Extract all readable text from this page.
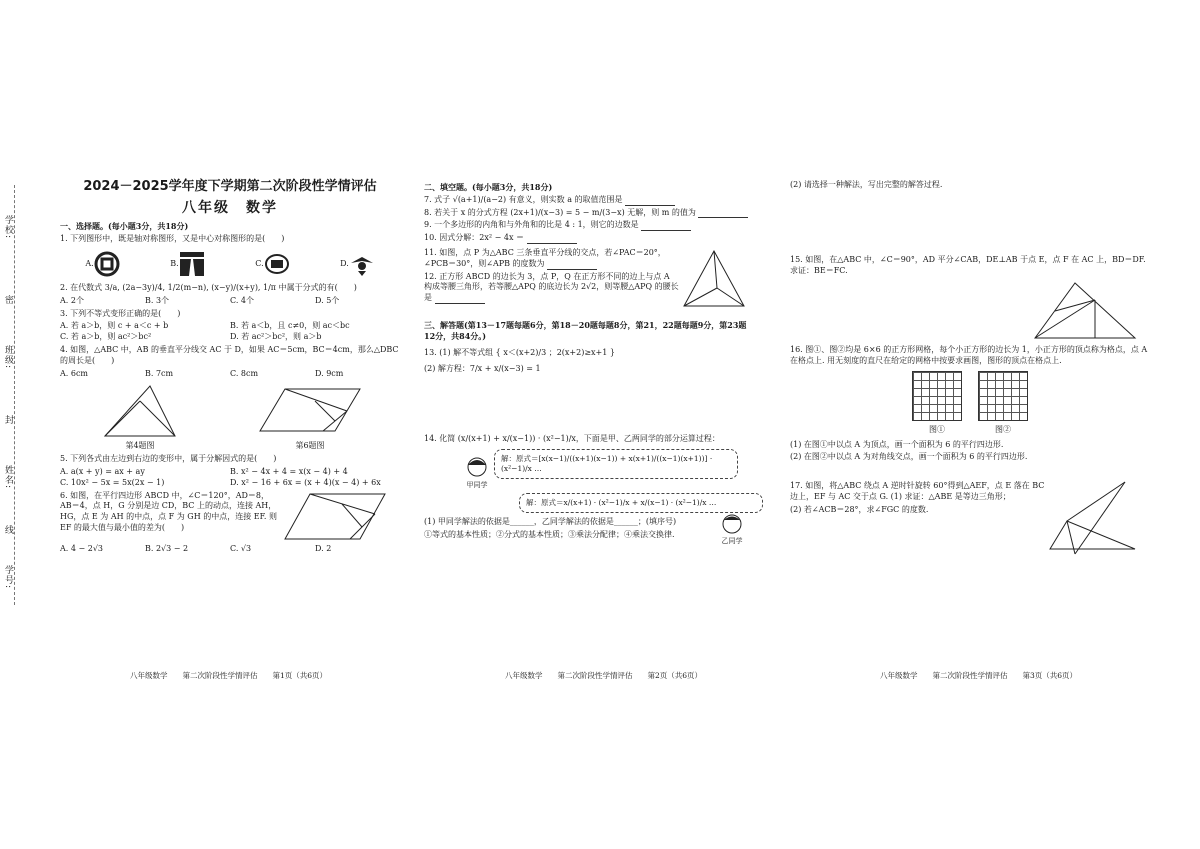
学校:
密
班级:
封
姓名:
线
学号:
2024－2025学年度下学期第二次阶段性学情评估
八年级　数学
一、选择题。(每小题3分，共18分)
1. 下列图形中，既是轴对称图形，又是中心对称图形的是(　　)
A.	B.	C.	D.
2. 在代数式 3/a, (2a−3y)/4, 1/2(m−n), (x−y)/(x+y), 1/π 中属于分式的有(　　)
A. 2个	B. 3个	C. 4个	D. 5个
3. 下列不等式变形正确的是(　　)
A. 若 a＞b，则 c + a＜c + b	B. 若 a＜b，且 c≠0，则 ac＜bc
C. 若 a＞b，则 ac²＞bc²	D. 若 ac²＞bc²，则 a＞b
4. 如图，△ABC 中，AB 的垂直平分线交 AC 于 D，如果 AC＝5cm，BC＝4cm，那么△DBC 的周长是(　　)
A. 6cm	B. 7cm	C. 8cm	D. 9cm
第4题图	第6题图
5. 下列各式由左边到右边的变形中，属于分解因式的是(　　)
A. a(x + y) = ax + ay	B. x² − 4x + 4 = x(x − 4) + 4
C. 10x² − 5x = 5x(2x − 1)	D. x² − 16 + 6x = (x + 4)(x − 4) + 6x
6. 如图，在平行四边形 ABCD 中，∠C＝120°，AD＝8，AB＝4，点 H，G 分别是边 CD，BC 上的动点，连接 AH，HG，点 E 为 AH 的中点，点 F 为 GH 的中点，连接 EF. 则 EF 的最大值与最小值的差为(　　)
A. 4 − 2√3	B. 2√3 − 2	C. √3	D. 2
八年级数学　　第二次阶段性学情评估　　第1页（共6页）
二、填空题。(每小题3分，共18分)
7. 式子 √(a+1)/(a−2) 有意义，则实数 a 的取值范围是
8. 若关于 x 的分式方程 (2x+1)/(x−3) = 5 − m/(3−x) 无解，则 m 的值为
9. 一个多边形的内角和与外角和的比是 4 : 1，则它的边数是
10. 因式分解：2x² − 4x ＝
11. 如图，点 P 为△ABC 三条垂直平分线的交点，若∠PAC＝20°，∠PCB＝30°，则∠APB 的度数为
12. 正方形 ABCD 的边长为 3，点 P，Q 在正方形不同的边上与点 A 构成等腰三角形，若等腰△APQ 的底边长为 2√2，则等腰△APQ 的腰长是
三、解答题(第13－17题每题6分，第18－20题每题8分，第21，22题每题9分，第23题12分，共84分。)
13. (1) 解不等式组 { x＜(x+2)/3 ；2(x+2)≥x+1 }
(2) 解方程：7/x + x/(x−3) = 1
14. 化简 (x/(x+1) + x/(x−1)) · (x²−1)/x，下面是甲、乙两同学的部分运算过程：
甲同学
解：原式＝[x(x−1)/((x+1)(x−1)) + x(x+1)/((x−1)(x+1))] · (x²−1)/x …
解：原式＝x/(x+1) · (x²−1)/x + x/(x−1) · (x²−1)/x …
乙同学
(1) 甲同学解法的依据是______，乙同学解法的依据是______；(填序号)
①等式的基本性质；②分式的基本性质；③乘法分配律；④乘法交换律.
八年级数学　　第二次阶段性学情评估　　第2页（共6页）
(2) 请选择一种解法，写出完整的解答过程.
15. 如图，在△ABC 中，∠C＝90°，AD 平分∠CAB，DE⊥AB 于点 E，点 F 在 AC 上，BD＝DF. 求证：BE＝FC.
16. 图①、图②均是 6×6 的正方形网格，每个小正方形的边长为 1，小正方形的顶点称为格点，点 A 在格点上. 用无刻度的直尺在给定的网格中按要求画图，图形的顶点在格点上.
图①	图②
(1) 在图①中以点 A 为顶点，画一个面积为 6 的平行四边形.
(2) 在图②中以点 A 为对角线交点，画一个面积为 6 的平行四边形.
17. 如图，将△ABC 绕点 A 逆时针旋转 60°得到△AEF，点 E 落在 BC 边上，EF 与 AC 交于点 G. (1) 求证：△ABE 是等边三角形；
(2) 若∠ACB＝28°，求∠FGC 的度数.
八年级数学　　第二次阶段性学情评估　　第3页（共6页）
